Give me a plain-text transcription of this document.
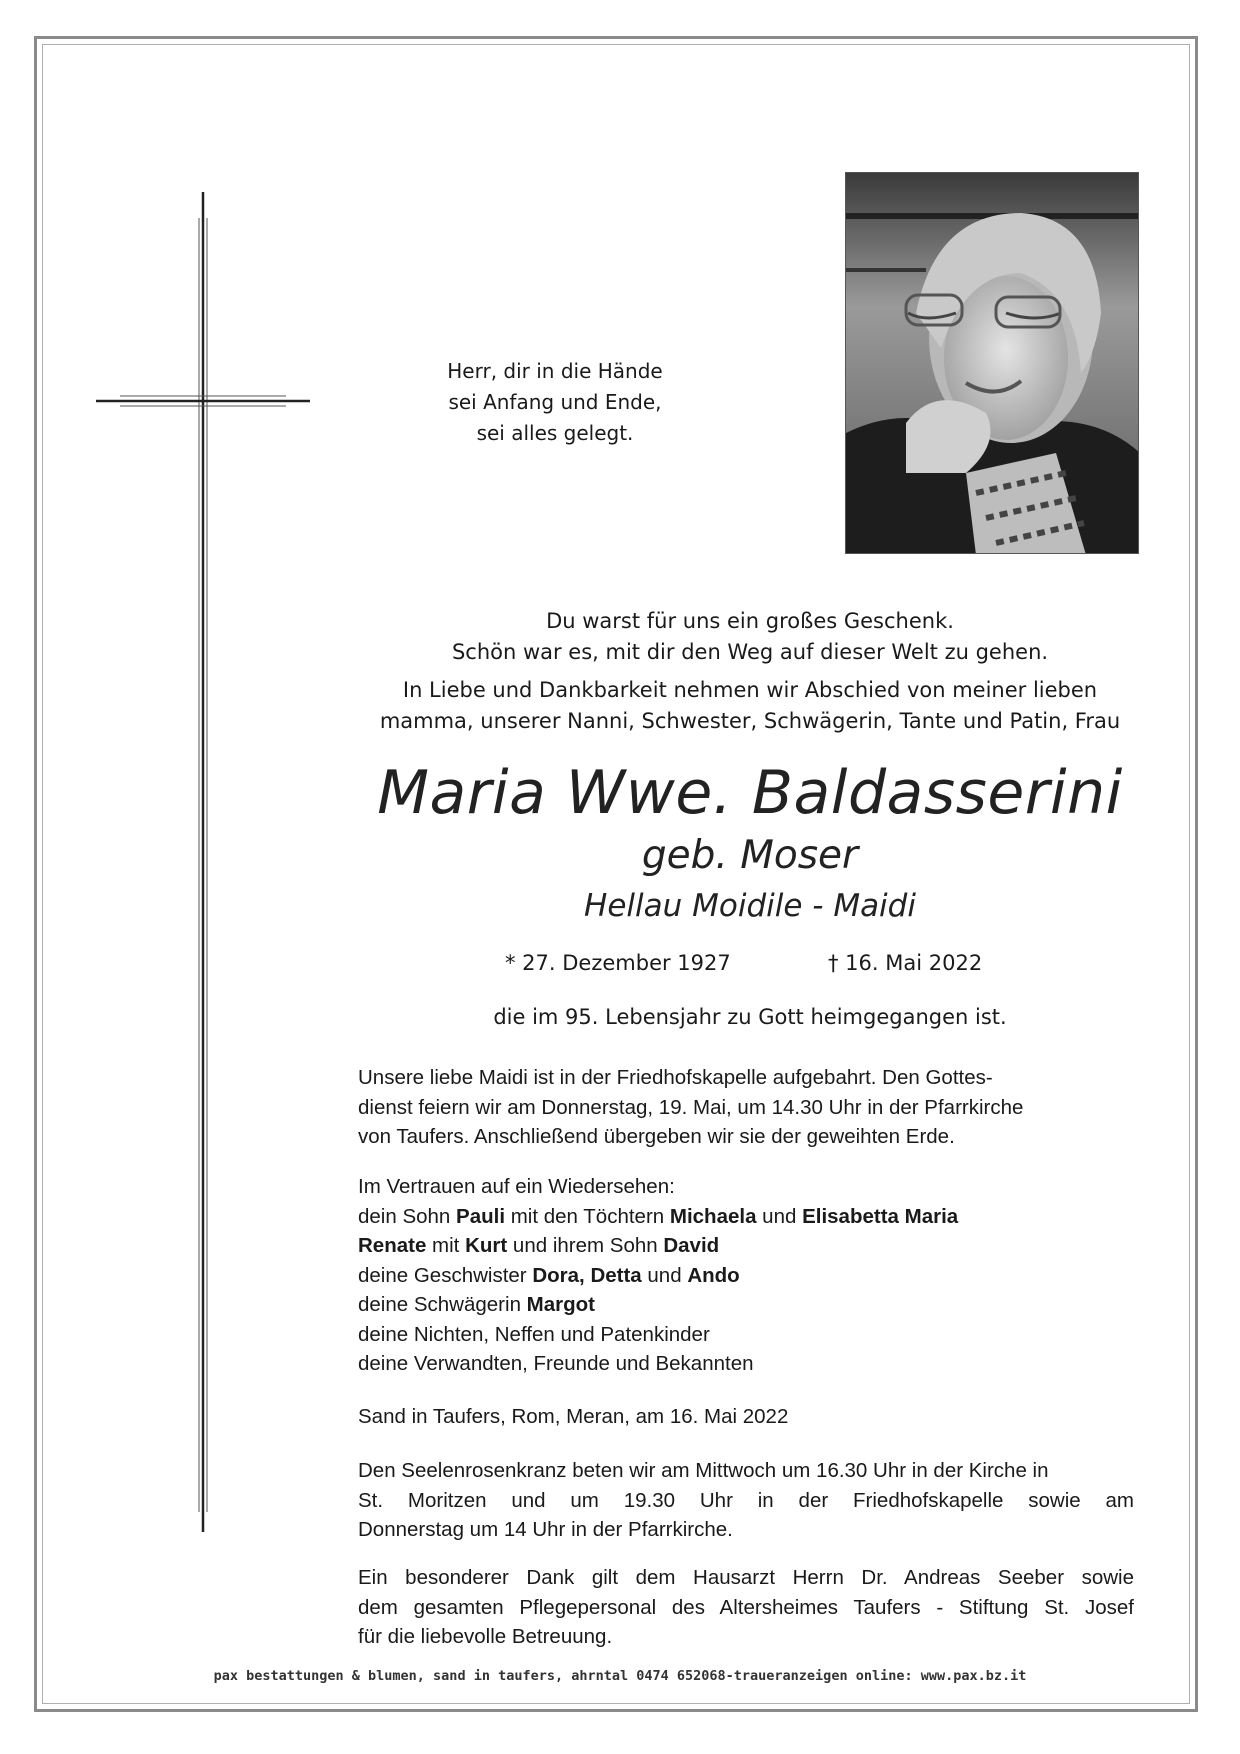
Herr, dir in die Hände
sei Anfang und Ende,
sei alles gelegt.
Du warst für uns ein großes Geschenk.
Schön war es, mit dir den Weg auf dieser Welt zu gehen.
In Liebe und Dankbarkeit nehmen wir Abschied von meiner lieben
mamma, unserer Nanni, Schwester, Schwägerin, Tante und Patin, Frau
Maria Wwe. Baldasserini
geb. Moser
Hellau Moidile - Maidi
* 27. Dezember 1927	† 16. Mai 2022
die im 95. Lebensjahr zu Gott heimgegangen ist.
Unsere liebe Maidi ist in der Friedhofskapelle aufgebahrt. Den Gottes-
dienst feiern wir am Donnerstag, 19. Mai, um 14.30 Uhr in der Pfarrkirche
von Taufers. Anschließend übergeben wir sie der geweihten Erde.
Im Vertrauen auf ein Wiedersehen:
dein Sohn Pauli mit den Töchtern Michaela und Elisabetta Maria
Renate mit Kurt und ihrem Sohn David
deine Geschwister Dora, Detta und Ando
deine Schwägerin Margot
deine Nichten, Neffen und Patenkinder
deine Verwandten, Freunde und Bekannten
Sand in Taufers, Rom, Meran, am 16. Mai 2022
Den Seelenrosenkranz beten wir am Mittwoch um 16.30 Uhr in der Kirche in
St. Moritzen und um 19.30 Uhr in der Friedhofskapelle sowie am
Donnerstag um 14 Uhr in der Pfarrkirche.
Ein besonderer Dank gilt dem Hausarzt Herrn Dr. Andreas Seeber sowie
dem gesamten Pflegepersonal des Altersheimes Taufers - Stiftung St. Josef
für die liebevolle Betreuung.
pax bestattungen & blumen, sand in taufers, ahrntal 0474 652068-traueranzeigen online: www.pax.bz.it
